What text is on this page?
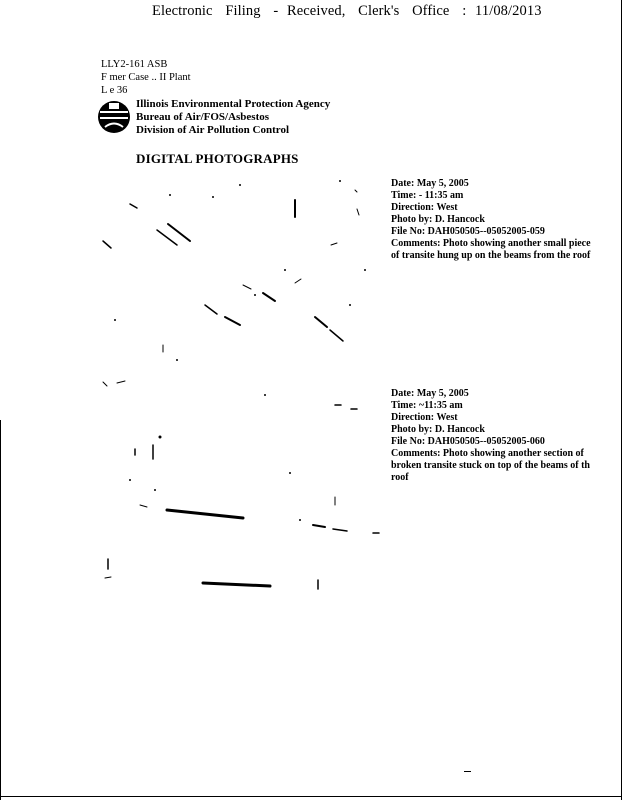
Electronic Filing - Received, Clerk's Office : 11/08/2013
LLY2-161 ASB
F mer Case .. II Plant
L e 36
Illinois Environmental Protection Agency
Bureau of Air/FOS/Asbestos
Division of Air Pollution Control
DIGITAL PHOTOGRAPHS
Date: May 5, 2005
Time: - 11:35 am
Direction: West
Photo by: D. Hancock
File No: DAH050505--05052005-059
Comments: Photo showing another small piece
of transite hung up on the beams from the roof
Date: May 5, 2005
Time: ~11:35 am
Direction: West
Photo by: D. Hancock
File No: DAH050505--05052005-060
Comments: Photo showing another section of
broken transite stuck on top of the beams of th
roof
